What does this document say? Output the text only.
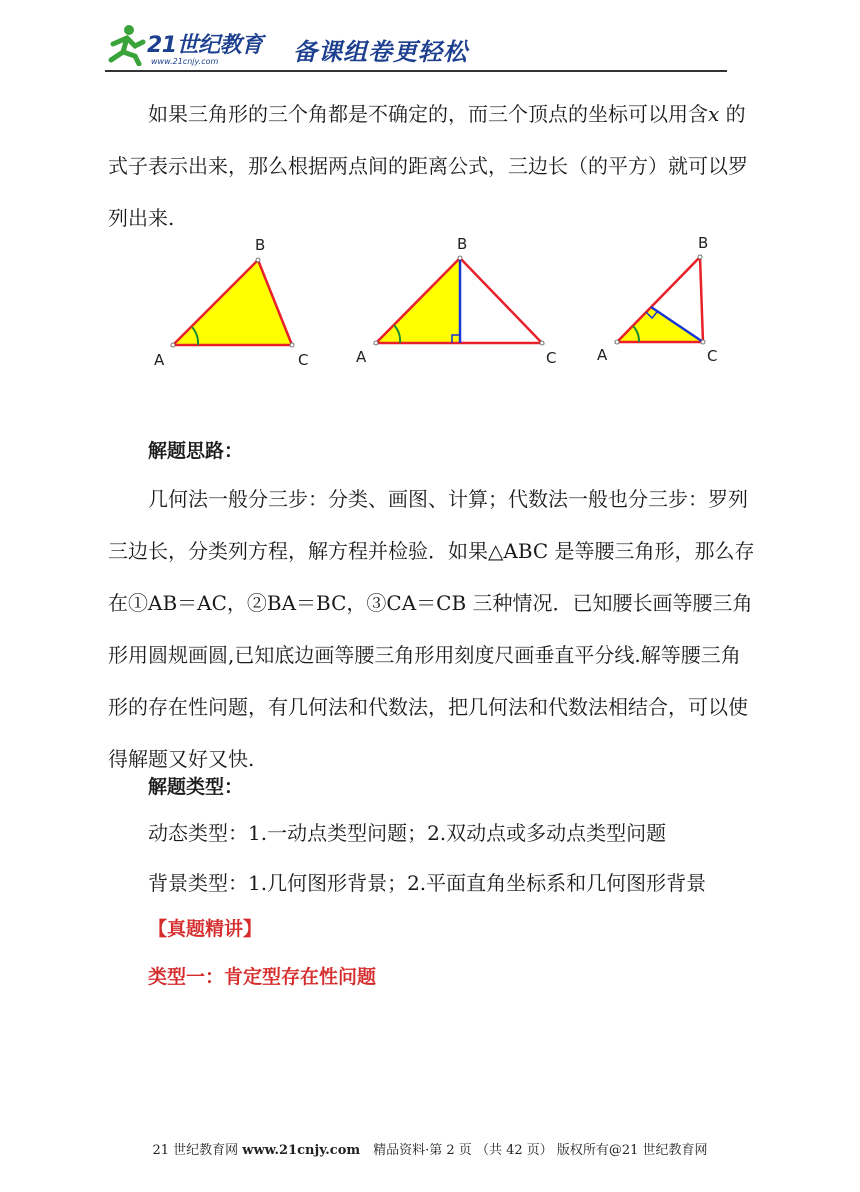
21世纪教育
www.21cnjy.com	备课组卷更轻松
如果三角形的三个角都是不确定的，而三个顶点的坐标可以用含x 的式子表示出来，那么根据两点间的距离公式，三边长（的平方）就可以罗列出来.
A
B
C	A
B
C	A
B
C
解题思路：
几何法一般分三步：分类、画图、计算；代数法一般也分三步：罗列三边长，分类列方程，解方程并检验．如果△ABC 是等腰三角形，那么存在①AB＝AC，②BA＝BC，③CA＝CB 三种情况．已知腰长画等腰三角形用圆规画圆,已知底边画等腰三角形用刻度尺画垂直平分线.解等腰三角形的存在性问题，有几何法和代数法，把几何法和代数法相结合，可以使得解题又好又快.
解题类型：
动态类型：1.一动点类型问题；2.双动点或多动点类型问题
背景类型：1.几何图形背景；2.平面直角坐标系和几何图形背景
【真题精讲】
类型一：肯定型存在性问题
21 世纪教育网 www.21cnjy.com　精品资料·第 2 页 （共 42 页） 版权所有@21 世纪教育网
